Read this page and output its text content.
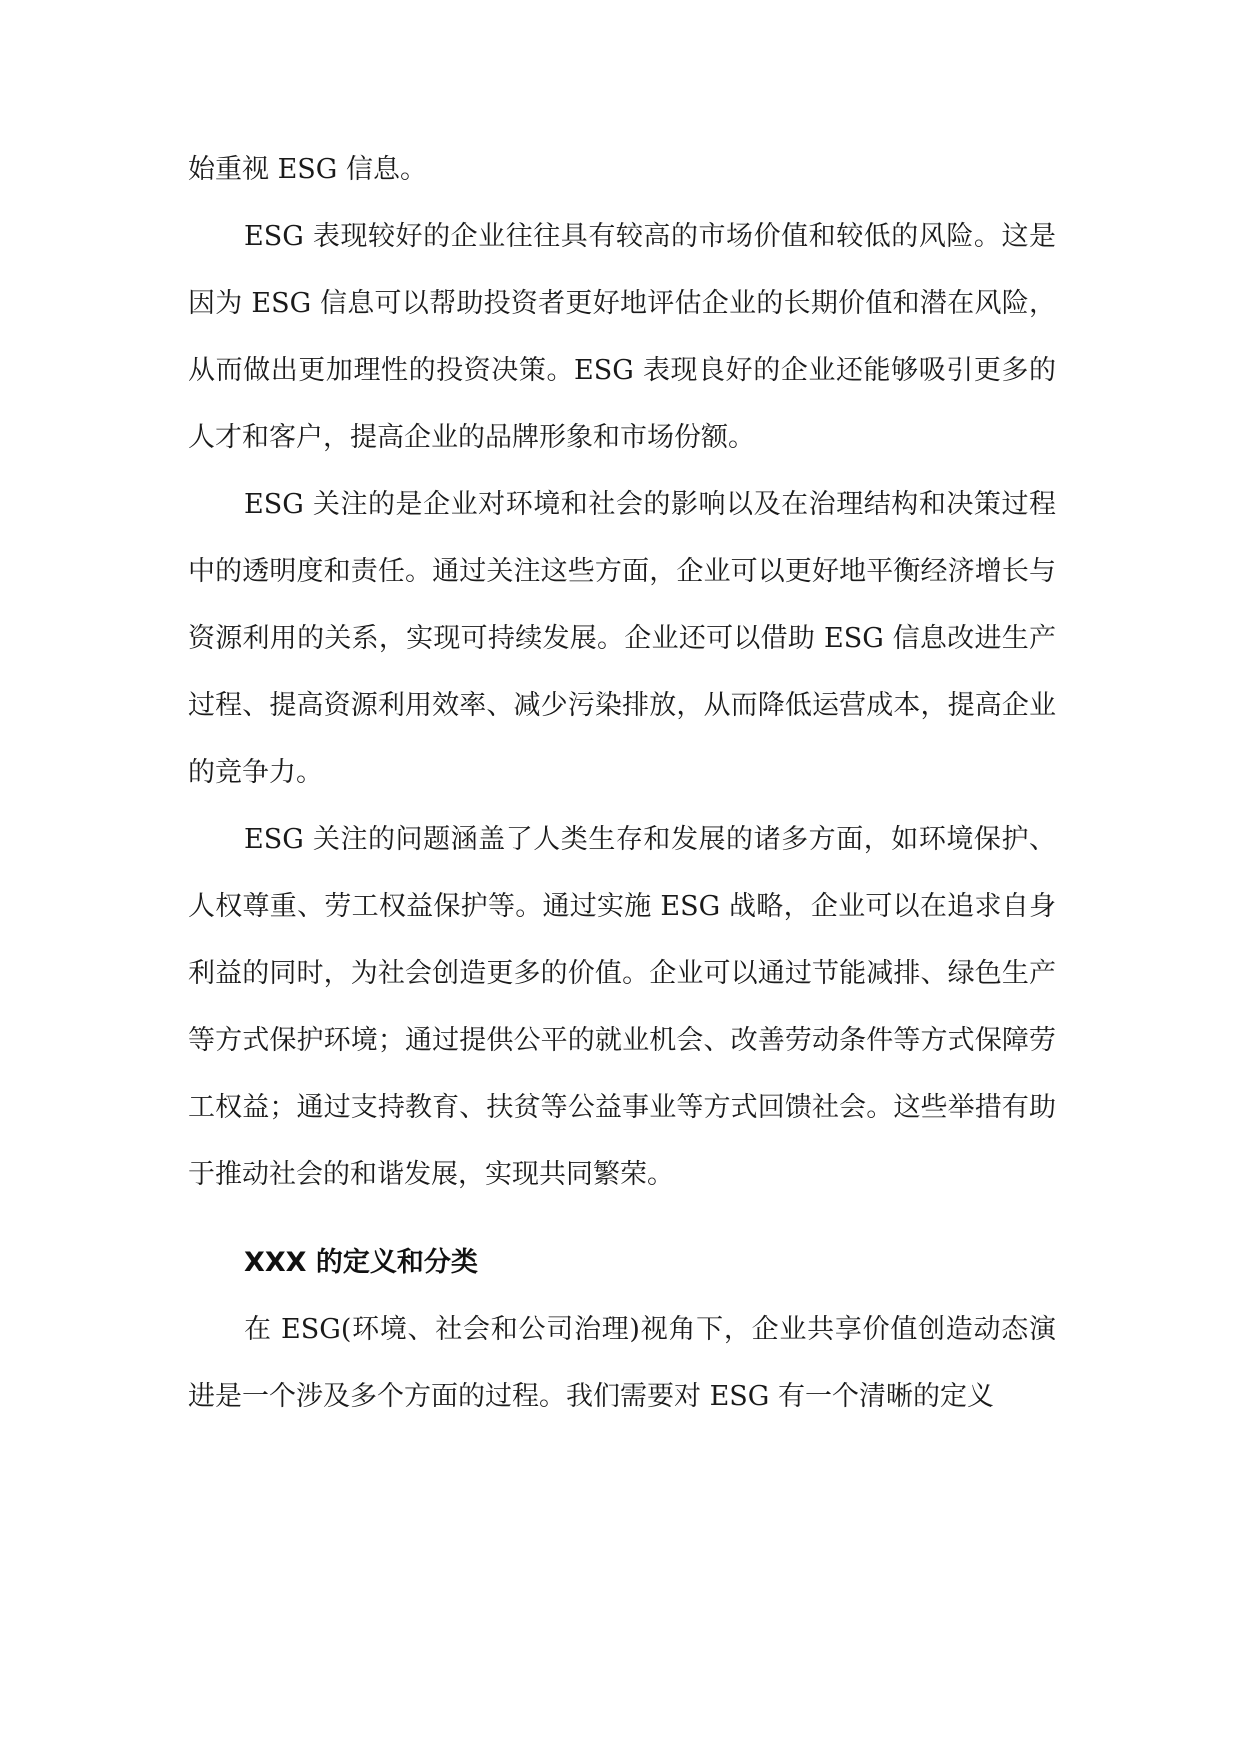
始重视 ESG 信息。

ESG 表现较好的企业往往具有较高的市场价值和较低的风险。这是因为 ESG 信息可以帮助投资者更好地评估企业的长期价值和潜在风险，从而做出更加理性的投资决策。ESG 表现良好的企业还能够吸引更多的人才和客户，提高企业的品牌形象和市场份额。

ESG 关注的是企业对环境和社会的影响以及在治理结构和决策过程中的透明度和责任。通过关注这些方面，企业可以更好地平衡经济增长与资源利用的关系，实现可持续发展。企业还可以借助 ESG 信息改进生产过程、提高资源利用效率、减少污染排放，从而降低运营成本，提高企业的竞争力。

ESG 关注的问题涵盖了人类生存和发展的诸多方面，如环境保护、人权尊重、劳工权益保护等。通过实施 ESG 战略，企业可以在追求自身利益的同时，为社会创造更多的价值。企业可以通过节能减排、绿色生产等方式保护环境；通过提供公平的就业机会、改善劳动条件等方式保障劳工权益；通过支持教育、扶贫等公益事业等方式回馈社会。这些举措有助于推动社会的和谐发展，实现共同繁荣。

XXX 的定义和分类

在 ESG(环境、社会和公司治理)视角下，企业共享价值创造动态演进是一个涉及多个方面的过程。我们需要对 ESG 有一个清晰的定义
